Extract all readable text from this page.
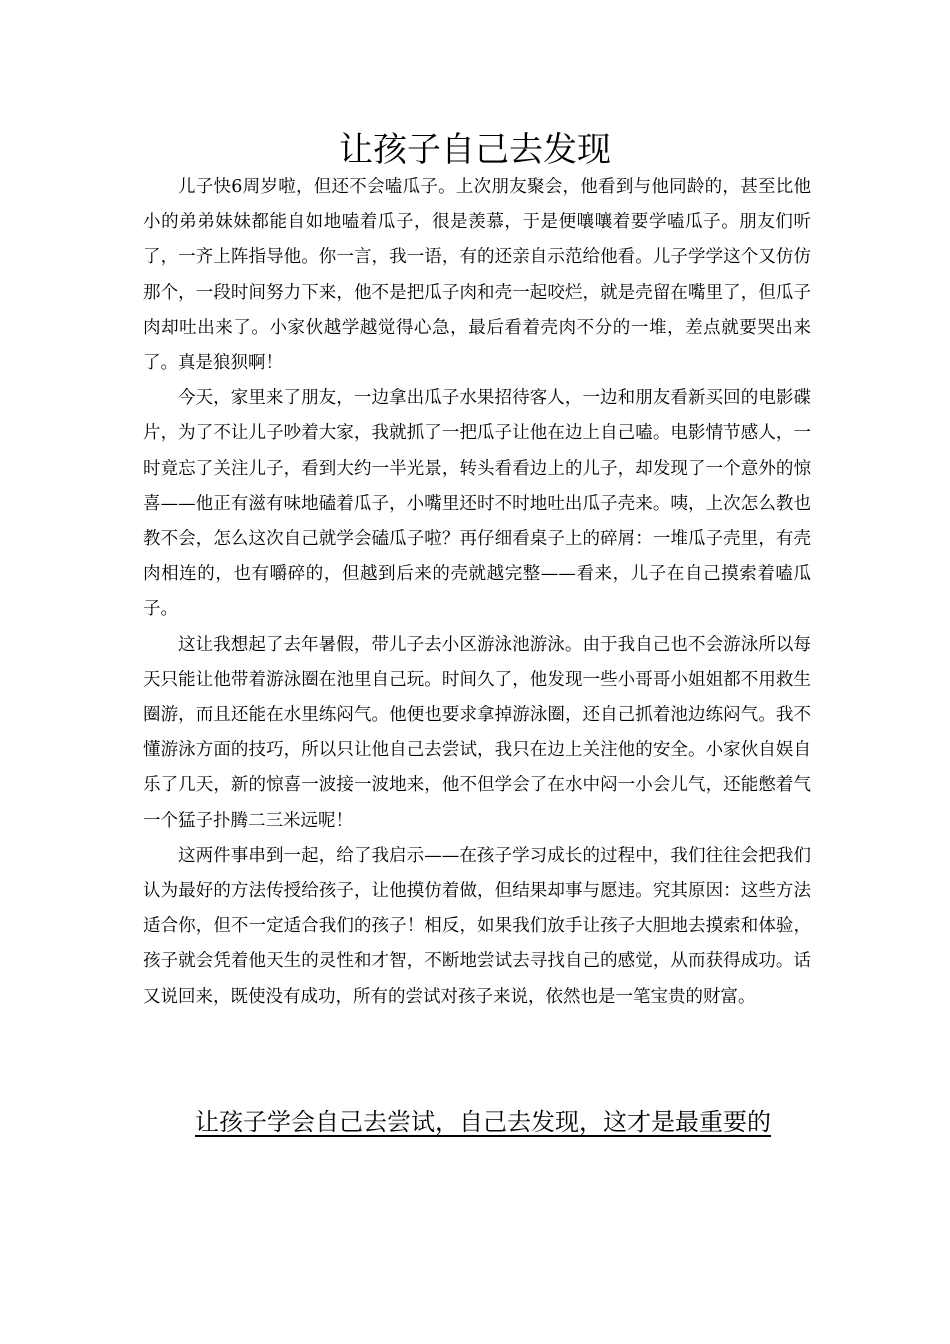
让孩子自己去发现

儿子快6周岁啦，但还不会嗑瓜子。上次朋友聚会，他看到与他同龄的，甚至比他小的弟弟妹妹都能自如地嗑着瓜子，很是羡慕，于是便嚷嚷着要学嗑瓜子。朋友们听了，一齐上阵指导他。你一言，我一语，有的还亲自示范给他看。儿子学学这个又仿仿那个，一段时间努力下来，他不是把瓜子肉和壳一起咬烂，就是壳留在嘴里了，但瓜子肉却吐出来了。小家伙越学越觉得心急，最后看着壳肉不分的一堆，差点就要哭出来了。真是狼狈啊！

今天，家里来了朋友，一边拿出瓜子水果招待客人，一边和朋友看新买回的电影碟片，为了不让儿子吵着大家，我就抓了一把瓜子让他在边上自己嗑。电影情节感人，一时竟忘了关注儿子，看到大约一半光景，转头看看边上的儿子，却发现了一个意外的惊喜——他正有滋有味地磕着瓜子，小嘴里还时不时地吐出瓜子壳来。咦，上次怎么教也教不会，怎么这次自己就学会磕瓜子啦？再仔细看桌子上的碎屑：一堆瓜子壳里，有壳肉相连的，也有嚼碎的，但越到后来的壳就越完整——看来，儿子在自己摸索着嗑瓜子。

这让我想起了去年暑假，带儿子去小区游泳池游泳。由于我自己也不会游泳所以每天只能让他带着游泳圈在池里自己玩。时间久了，他发现一些小哥哥小姐姐都不用救生圈游，而且还能在水里练闷气。他便也要求拿掉游泳圈，还自己抓着池边练闷气。我不懂游泳方面的技巧，所以只让他自己去尝试，我只在边上关注他的安全。小家伙自娱自乐了几天，新的惊喜一波接一波地来，他不但学会了在水中闷一小会儿气，还能憋着气一个猛子扑腾二三米远呢！

这两件事串到一起，给了我启示——在孩子学习成长的过程中，我们往往会把我们认为最好的方法传授给孩子，让他摸仿着做，但结果却事与愿违。究其原因：这些方法适合你，但不一定适合我们的孩子！相反，如果我们放手让孩子大胆地去摸索和体验，孩子就会凭着他天生的灵性和才智，不断地尝试去寻找自己的感觉，从而获得成功。话又说回来，既使没有成功，所有的尝试对孩子来说，依然也是一笔宝贵的财富。

让孩子学会自己去尝试，自己去发现，这才是最重要的
